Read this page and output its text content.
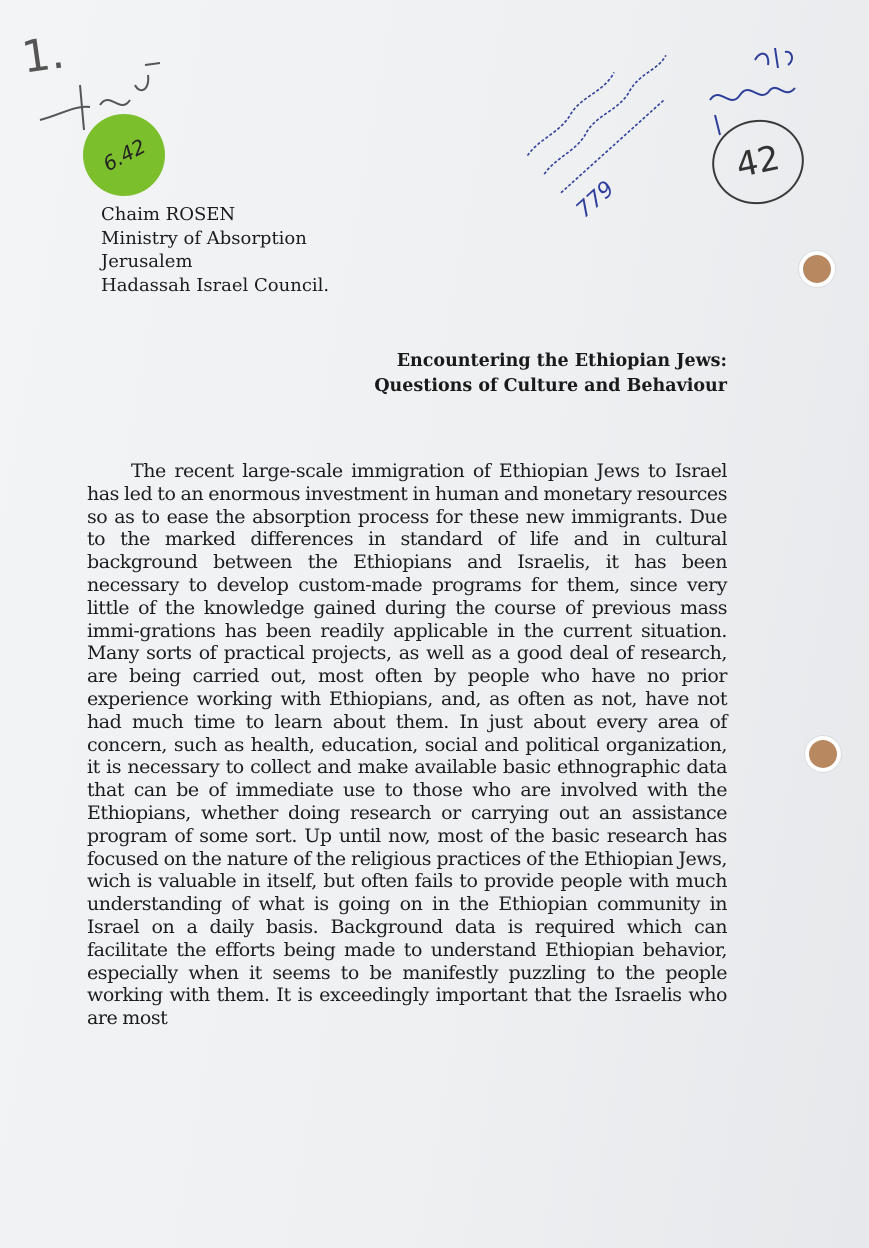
1.
6.42	42
779
Chaim ROSEN
Ministry of Absorption
Jerusalem
Hadassah Israel Council.
Encountering the Ethiopian Jews:
Questions of Culture and Behaviour
The recent large-scale immigration of Ethiopian Jews to Israel has led to an enormous investment in human and monetary resources so as to ease the absorption process for these new immigrants. Due to the marked differences in standard of life and in cultural background between the Ethiopians and Israelis, it has been necessary to develop custom-made programs for them, since very little of the knowledge gained during the course of previous mass immi-grations has been readily applicable in the current situation. Many sorts of practical projects, as well as a good deal of research, are being carried out, most often by people who have no prior experience working with Ethiopians, and, as often as not, have not had much time to learn about them. In just about every area of concern, such as health, education, social and political organization, it is necessary to collect and make available basic ethnographic data that can be of immediate use to those who are involved with the Ethiopians, whether doing research or carrying out an assistance program of some sort. Up until now, most of the basic research has focused on the nature of the religious practices of the Ethiopian Jews, wich is valuable in itself, but often fails to provide people with much understanding of what is going on in the Ethiopian community in Israel on a daily basis. Background data is required which can facilitate the efforts being made to understand Ethiopian behavior, especially when it seems to be manifestly puzzling to the people working with them. It is exceedingly important that the Israelis who are most
